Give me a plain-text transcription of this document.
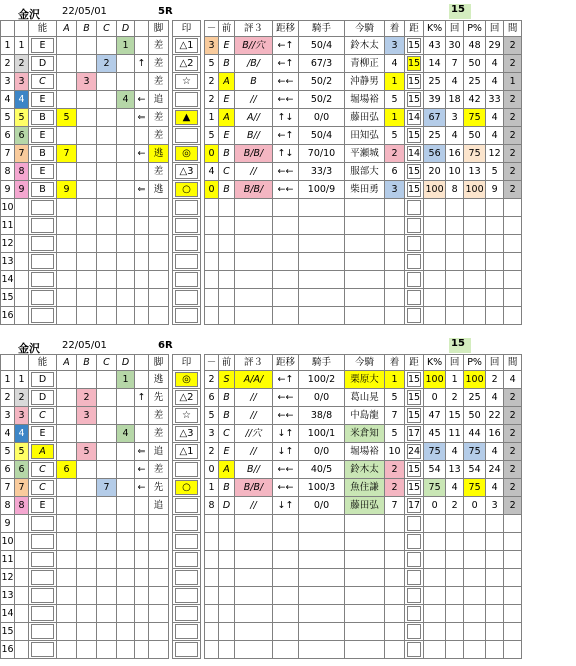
金沢 22/05/01	5R	15
		能	A	B	C	D		脚		印		－	前	評３	距移	騎手	今騎	着	距	K%	回	P%	回	間
1	1	E				1		差		△1		3	E	B//穴	←↑	50/4	鈴木太	3	15	43	30	48	29	2
2	2	D			2		↑	差		△2		5	B	/B/	←↑	67/3	青柳正	4	15	14	7	50	4	2
3	3	C		3				差		☆		2	A	B	←←	50/2	沖静男	1	15	25	4	25	4	1
4	4	E				4	←	追				2	E	//	←←	50/2	堀場裕	5	15	39	18	42	33	2
5	5	B	5				⇐	差		▲		1	A	A//	↑↓	0/0	藤田弘	1	14	67	3	75	4	2
6	6	E						差				5	E	B//	←↑	50/4	田知弘	5	15	25	4	50	4	2
7	7	B	7				←	逃		◎		0	B	B/B/	↑↓	70/10	平瀬城	2	14	56	16	75	12	2
8	8	E						差		△3		4	C	//	←←	33/3	服部大	6	15	20	10	13	5	2
9	9	B	9				⇐	逃		○		0	B	B/B/	←←	100/9	柴田勇	3	15	100	8	100	9	2
10		

11		

12		

13		

14		

15		

16		

金沢 22/05/01	6R	15
		能	A	B	C	D		脚		印		－	前	評３	距移	騎手	今騎	着	距	K%	回	P%	回	間
1	1	D				1		逃		◎		2	S	A/A/	←↑	100/2	栗原大	1	15	100	1	100	2	4
2	2	D		2			↑	先		△2		6	B	//	←←	0/0	葛山晃	5	15	0	2	25	4	2
3	3	C		3				差		☆		5	B	//	←←	38/8	中島龍	7	15	47	15	50	22	2
4	4	E				4		差		△3		3	C	//穴	↓↑	100/1	米倉知	5	17	45	11	44	16	2
5	5	A		5			⇐	追		△1		2	E	//	↓↑	0/0	堀場裕	10	24	75	4	75	4	2
6	6	C	6				←	差				0	A	B//	←←	40/5	鈴木太	2	15	54	13	54	24	2
7	7	C			7		←	先		○		1	B	B/B/	←←	100/3	魚住謙	2	15	75	4	75	4	2
8	8	E						追				8	D	//	↓↑	0/0	藤田弘	7	17	0	2	0	3	2
9		

10		

11		

12		

13		

14		

15		

16		
